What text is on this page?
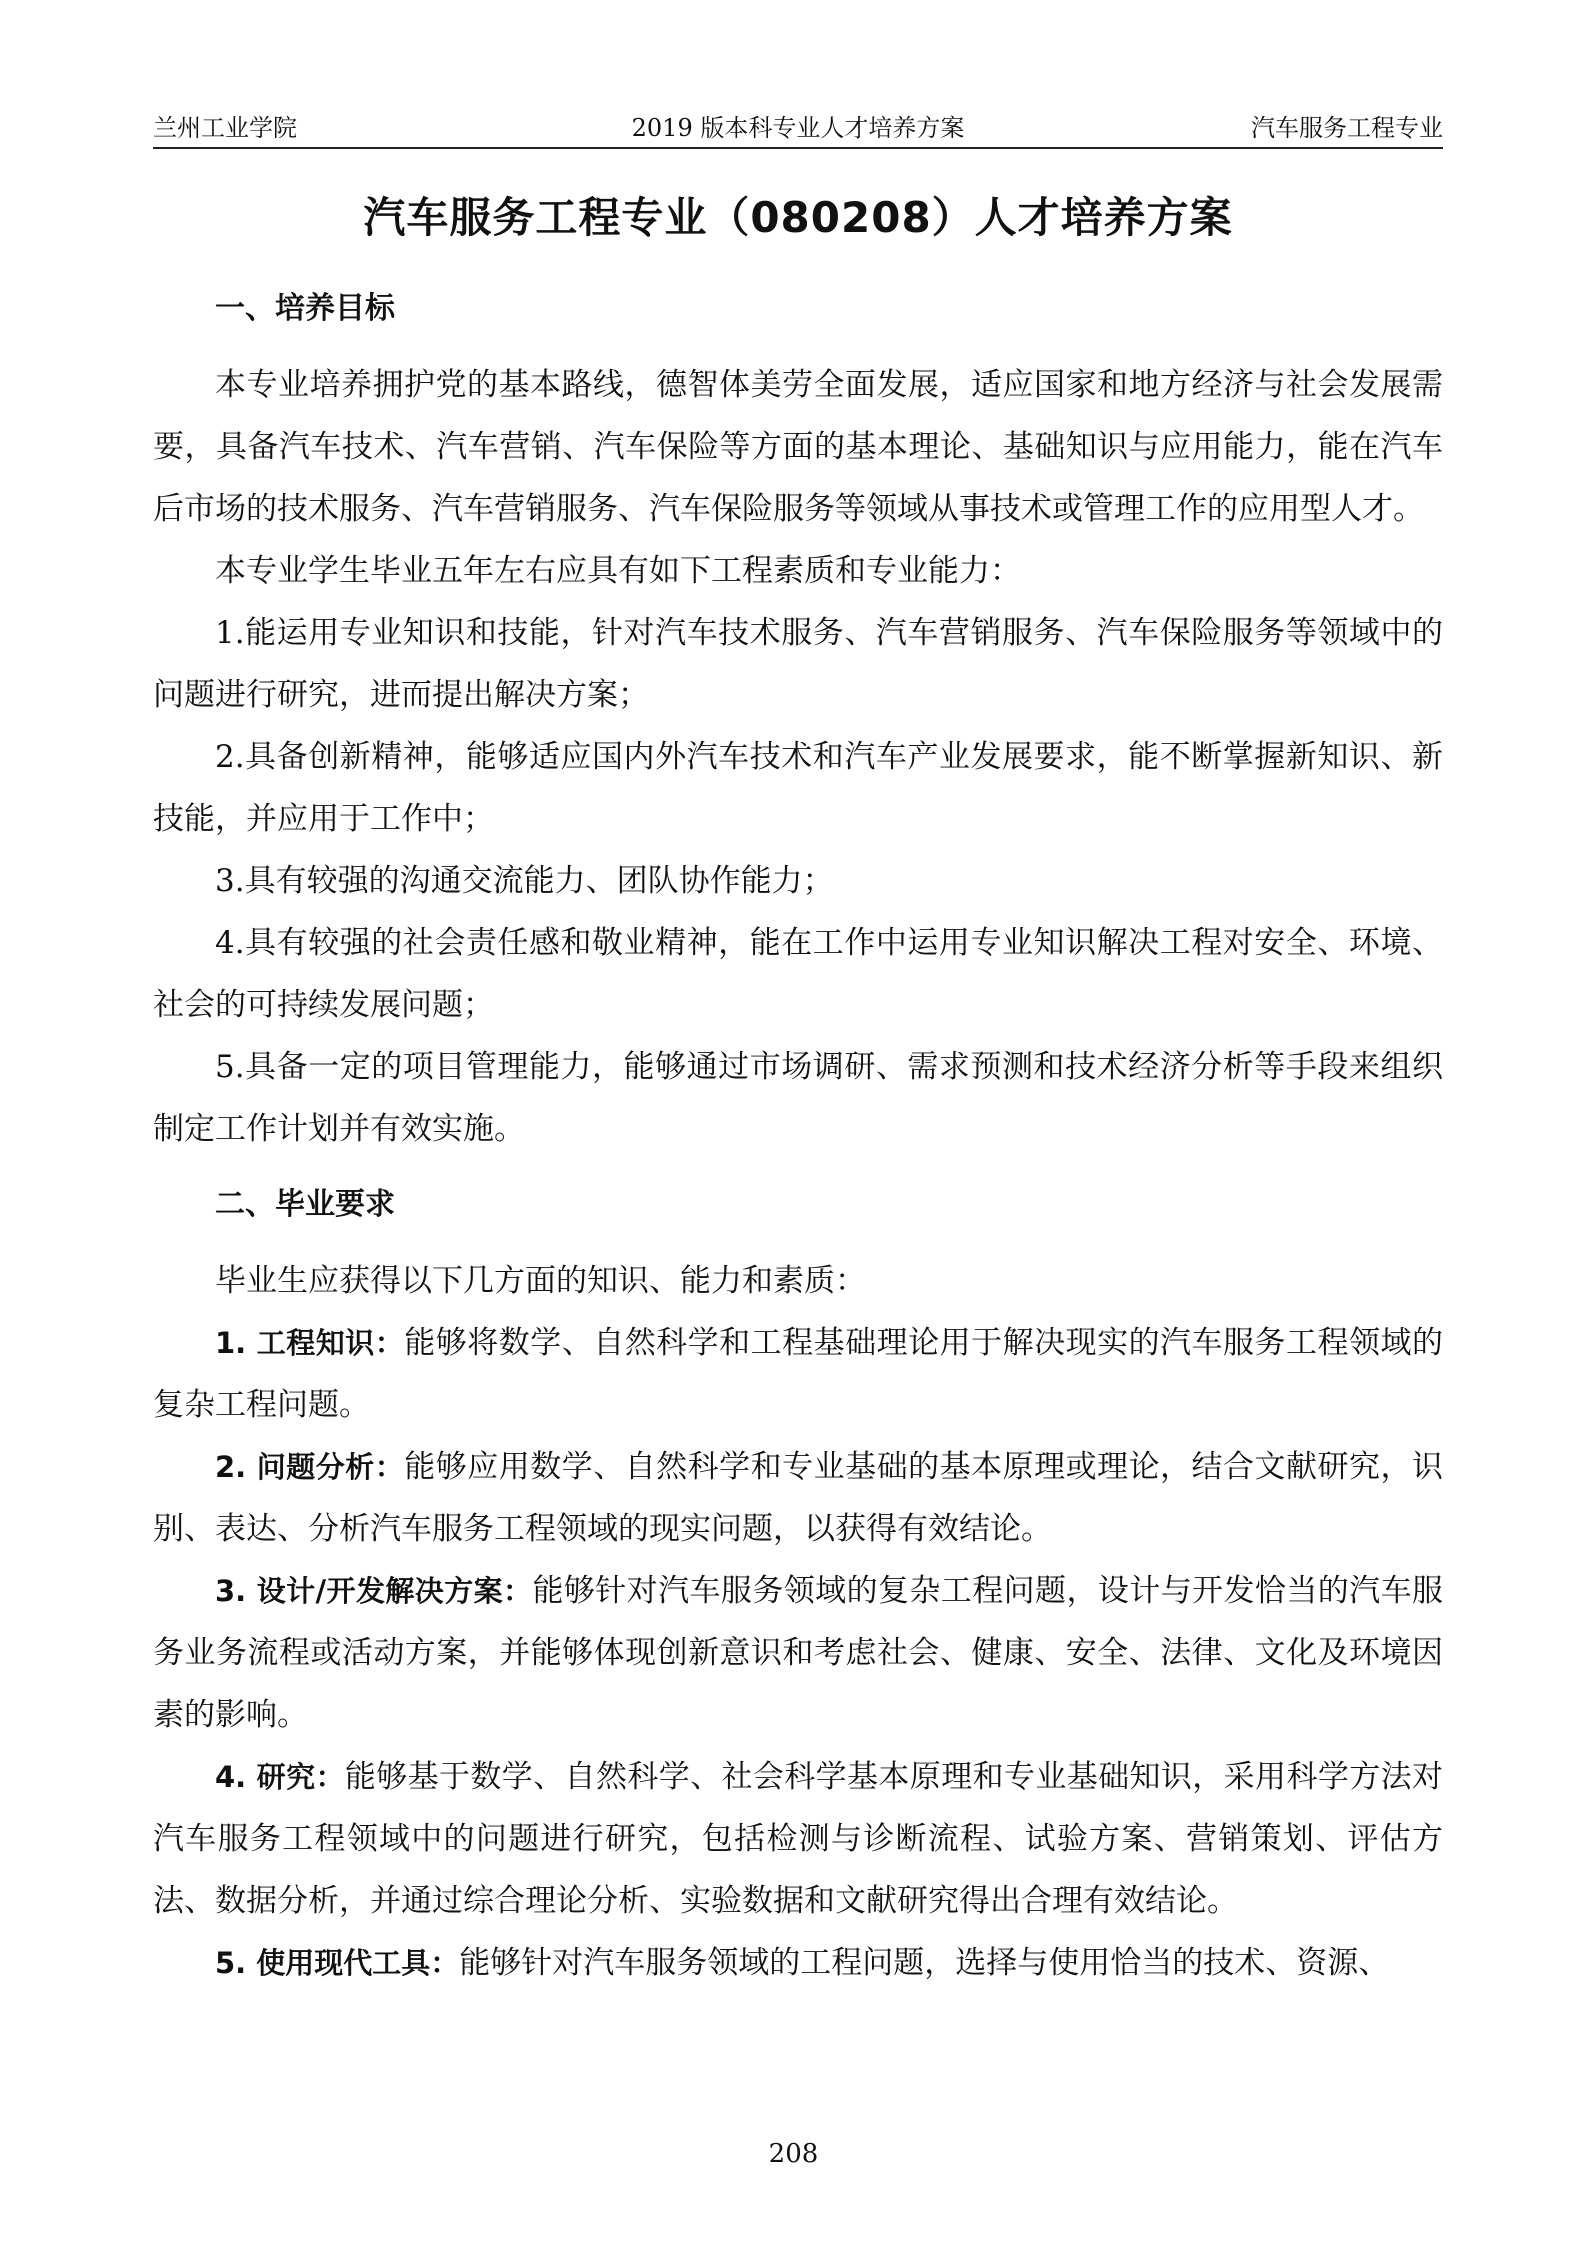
兰州工业学院	2019 版本科专业人才培养方案	汽车服务工程专业
汽车服务工程专业（080208）人才培养方案
一、培养目标

本专业培养拥护党的基本路线，德智体美劳全面发展，适应国家和地方经济与社会发展需要，具备汽车技术、汽车营销、汽车保险等方面的基本理论、基础知识与应用能力，能在汽车后市场的技术服务、汽车营销服务、汽车保险服务等领域从事技术或管理工作的应用型人才。

本专业学生毕业五年左右应具有如下工程素质和专业能力：

1.能运用专业知识和技能，针对汽车技术服务、汽车营销服务、汽车保险服务等领域中的问题进行研究，进而提出解决方案；

2.具备创新精神，能够适应国内外汽车技术和汽车产业发展要求，能不断掌握新知识、新技能，并应用于工作中；

3.具有较强的沟通交流能力、团队协作能力；

4.具有较强的社会责任感和敬业精神，能在工作中运用专业知识解决工程对安全、环境、社会的可持续发展问题；

5.具备一定的项目管理能力，能够通过市场调研、需求预测和技术经济分析等手段来组织制定工作计划并有效实施。

二、毕业要求

毕业生应获得以下几方面的知识、能力和素质：

1. 工程知识：能够将数学、自然科学和工程基础理论用于解决现实的汽车服务工程领域的复杂工程问题。

2. 问题分析：能够应用数学、自然科学和专业基础的基本原理或理论，结合文献研究，识别、表达、分析汽车服务工程领域的现实问题，以获得有效结论。

3. 设计/开发解决方案：能够针对汽车服务领域的复杂工程问题，设计与开发恰当的汽车服务业务流程或活动方案，并能够体现创新意识和考虑社会、健康、安全、法律、文化及环境因素的影响。

4. 研究：能够基于数学、自然科学、社会科学基本原理和专业基础知识，采用科学方法对汽车服务工程领域中的问题进行研究，包括检测与诊断流程、试验方案、营销策划、评估方法、数据分析，并通过综合理论分析、实验数据和文献研究得出合理有效结论。

5. 使用现代工具：能够针对汽车服务领域的工程问题，选择与使用恰当的技术、资源、

208
